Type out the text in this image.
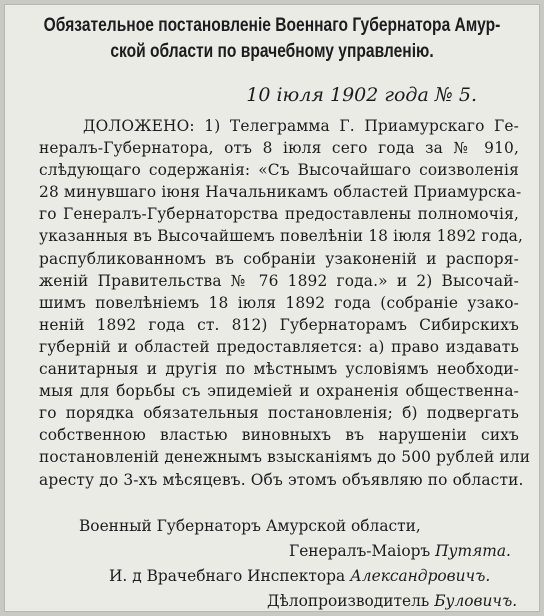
Обязательное постановленіе Военнаго Губернатора Амур-
ской области по врачебному управленію.
10 іюля 1902 года № 5.
ДОЛОЖЕНО: 1) Телеграмма Г. Приамурскаго Ге-
нералъ-Губернатора, отъ 8 іюля сего года за № 910,
слѣдующаго содержанія: «Съ Высочайшаго соизволенія
28 минувшаго іюня Начальникамъ областей Приамурска-
го Генералъ-Губернаторства предоставлены полномочія,
указанныя въ Высочайшемъ повелѣніи 18 іюля 1892 года,
распубликованномъ въ собраніи узаконеній и распоря-
женій Правительства № 76 1892 года.» и 2) Высочай-
шимъ повелѣніемъ 18 іюля 1892 года (собраніе узако-
неній 1892 года ст. 812) Губернаторамъ Сибирскихъ
губерній и областей предоставляется: а) право издавать
санитарныя и другія по мѣстнымъ условіямъ необходи-
мыя для борьбы съ эпидеміей и охраненія общественна-
го порядка обязательныя постановленія; б) подвергать
собственною властью виновныхъ въ нарушеніи сихъ
постановленій денежнымъ взысканіямъ до 500 рублей или
аресту до 3-хъ мѣсяцевъ. Объ этомъ объявляю по области.
Военный Губернаторъ Амурской области,
Генералъ-Маіоръ Путята.
И. д Врачебнаго Инспектора Александровичъ.
Дѣлопроизводитель Буловичъ.
